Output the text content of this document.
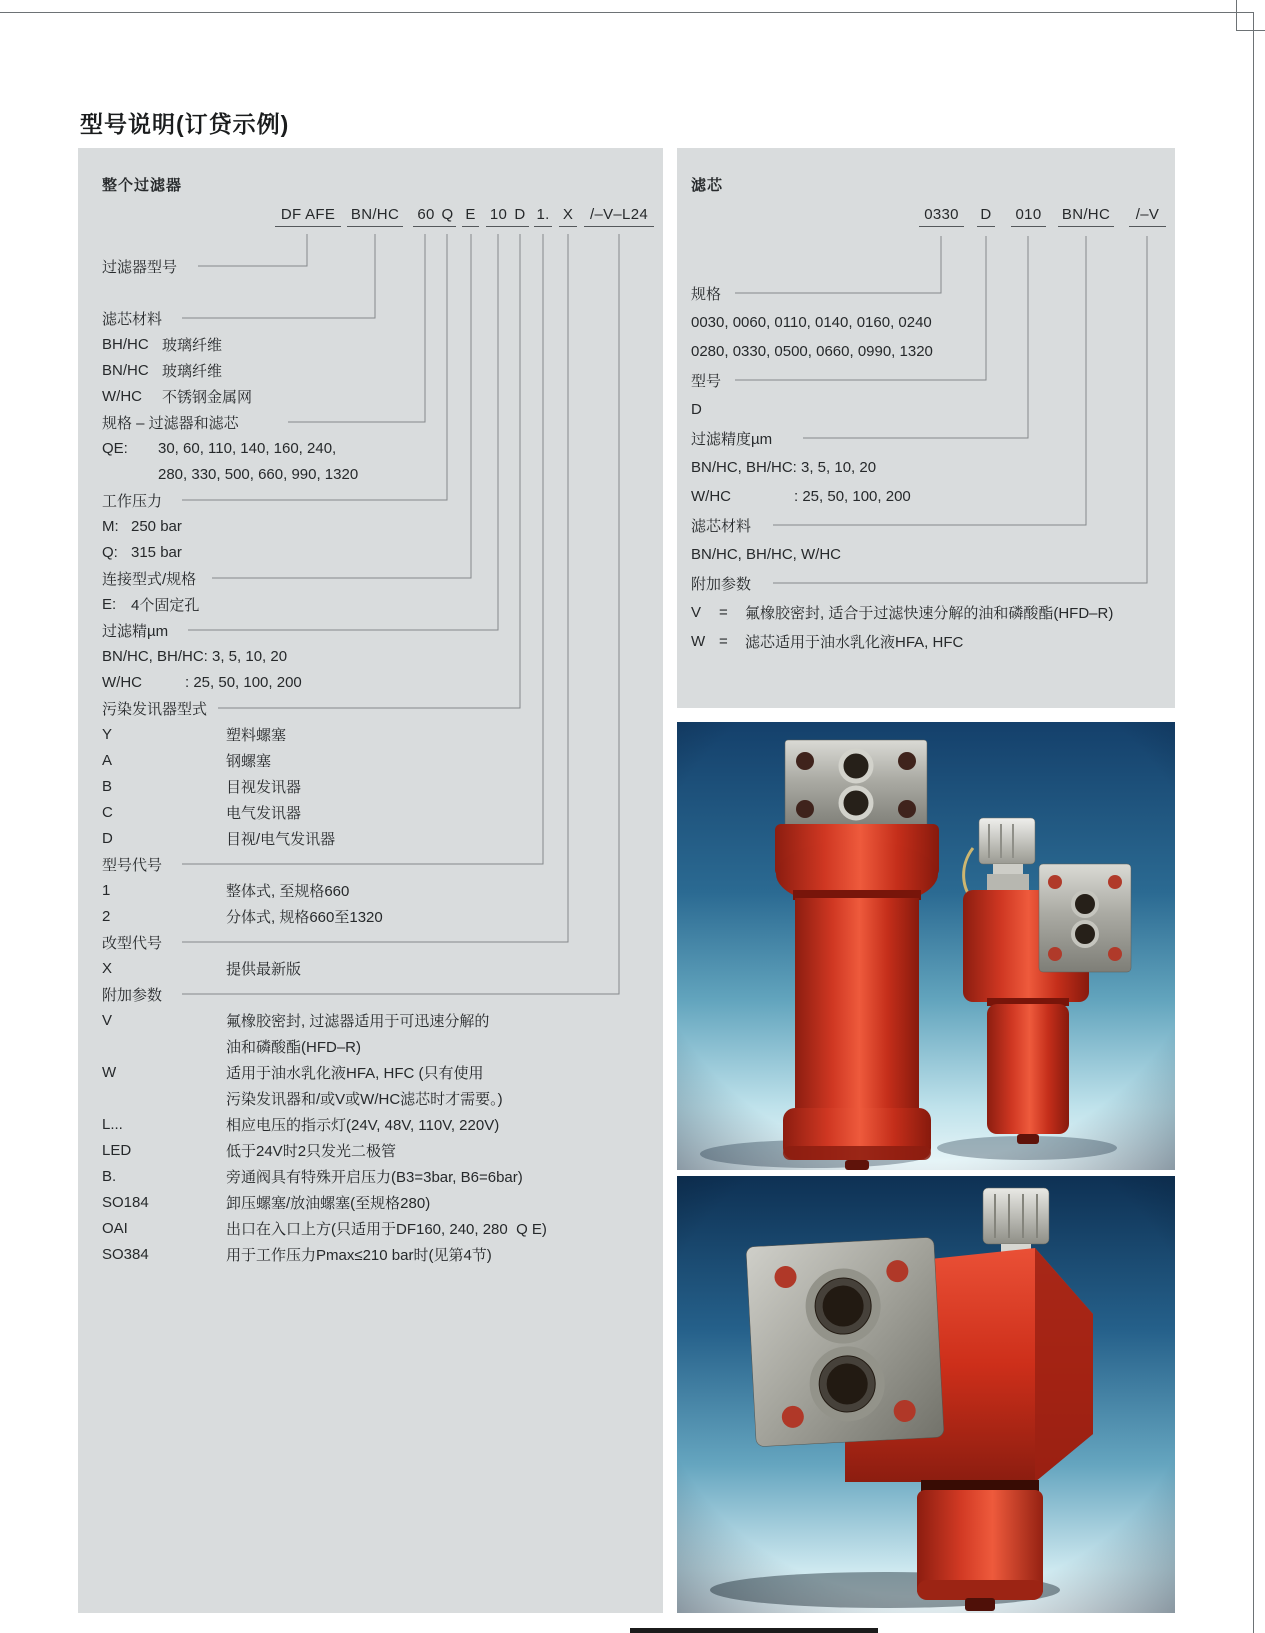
型号说明(订贷示例)
整个过滤器
DF AFE	BN/HC 60 Q E 10 D 1. X	/–V–L24
过滤器型号
滤芯材料
BH/HC 玻璃纤维
BN/HC 玻璃纤维
W/HC	不锈钢金属网
规格 – 过滤器和滤芯
QE:	30, 60, 110, 140, 160, 240,
280, 330, 500, 660, 990, 1320
工作压力
M: 250 bar
Q: 315 bar
连接型式/规格
E: 4个固定孔
过滤精µm
BN/HC, BH/HC: 3, 5, 10, 20
W/HC	: 25, 50, 100, 200
污染发讯器型式
Y	塑料螺塞
A	钢螺塞
B	目视发讯器
C	电气发讯器
D	目视/电气发讯器
型号代号
1	整体式, 至规格660
2	分体式, 规格660至1320
改型代号
X	提供最新版
附加参数
V	氟橡胶密封, 过滤器适用于可迅速分解的
油和磷酸酯(HFD–R)
W	适用于油水乳化液HFA, HFC (只有使用
污染发讯器和/或V或W/HC滤芯时才需要。)
L...	相应电压的指示灯(24V, 48V, 110V, 220V)
LED	低于24V时2只发光二极管
B.	旁通阀具有特殊开启压力(B3=3bar, B6=6bar)
SO184	卸压螺塞/放油螺塞(至规格280)
OAI	出口在入口上方(只适用于DF160, 240, 280  Q E)
SO384	用于工作压力Pmax≤210 bar时(见第4节)
滤芯
0330	D	010	BN/HC	/–V
规格
0030, 0060, 0110, 0140, 0160, 0240
0280, 0330, 0500, 0660, 0990, 1320
型号
D
过滤精度µm
BN/HC, BH/HC: 3, 5, 10, 20
W/HC	: 25, 50, 100, 200
滤芯材料
BN/HC, BH/HC, W/HC
附加参数
V	=	氟橡胶密封, 适合于过滤快速分解的油和磷酸酯(HFD–R)
W =	滤芯适用于油水乳化液HFA, HFC
